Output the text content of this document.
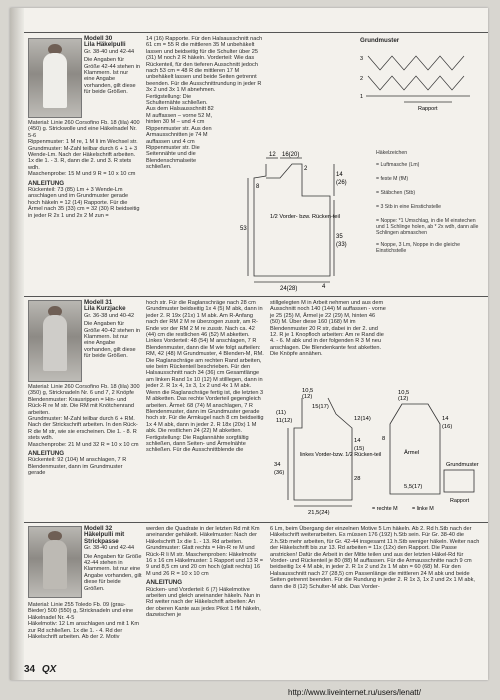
Modell 30
Lila Häkelpulli
Gr. 38-40 und 42-44
Die Angaben für Größe 42-44 stehen in Klammern. Ist nur eine Angabe vorhanden, gilt diese für beide Größen.
Material: Linie 260 Corsofino Fb. 18 (lila) 400 (450) g. Strickwolle und eine Häkelnadel Nr. 5-6
Rippenmuster: 1 M re, 1 M li im Wechsel str.
Grundmuster: M-Zahl teilbar durch 6 + 1 + 3 Wende-Lm. Nach der Häkelschrift arbeiten. 1x die 1. - 3. R, dann die 2. und 3. R stets wdh.
Maschenprobe: 15 M und 9 R = 10 x 10 cm
ANLEITUNG
Rückenteil: 73 (85) Lm + 3 Wende-Lm anschlagen und im Grundmuster gerade hoch häkeln = 12 (14) Rapporte. Für die Ärmel nach 35 (33) cm = 32 (30) R beidseitig in jeder R 2x 1 und 2x 2 M zun =
14 (16) Rapporte. Für den Halsausschnitt nach 61 cm = 55 R die mittleren 35 M unbehäkelt lassen und beidseitig für die Schulter über 25 (31) M noch 2 R häkeln. Vorderteil: Wie das Rückenteil, für den tieferen Ausschnitt jedoch nach 53 cm = 48 R die mittleren 17 M unbehäkelt lassen und beide Seiten getrennt beenden. Für die Ausschnittrundung in jeder R 3x 2 und 3x 1 M abnehmen.
Fertigstellung: Die Schulternähte schließen. Aus dem Halsausschnitt 82 M auffassen – vorne 52 M, hinten 30 M – und 4 cm Rippenmuster str. Aus den Armausschnitten je 74 M auffassen und 4 cm Rippenmuster str. Die Seitennähte und die Blendenschmalseite schließen.
12 16(20)
2
14
(26)
8
1/2 Vorder- bzw. Rücken-teil
53
35
(33)
24(28)	4
Grundmuster
3
2
1
Rapport
Häkelzeichen
= Luftmasche (Lm)
= feste M (fM)
= Stäbchen (Stb)
= 3 Stb in eine Einstichstelle
= Noppe: *1 Umschlag, in die M einstechen und 1 Schlinge holen, ab * 2x wdh, dann alle Schlingen abmaschen
= Noppe, 3 Lm, Noppe in die gleiche Einstichstelle
Modell 31
Lila Kurzjacke
Gr. 36-38 und 40-42
Die Angaben für Größe 40-42 stehen in Klammern. Ist nur eine Angabe vorhanden, gilt diese für beide Größen.
Material: Linie 260 Corsofino Fb. 18 (lila) 300 (350) g, Stricknadeln Nr. 6 und 7, 2 Knöpfe
Blendenmuster: Krausrippen = Hin- und Rück-R re M str. Die RM mit Knötchenrand arbeiten.
Grundmuster: M-Zahl teilbar durch 6 + RM. Nach der Strickschrift arbeiten. In den Rück-R die M str, wie sie erscheinen. Die 1. - 8. R stets wdh.
Maschenprobe: 21 M und 32 R = 10 x 10 cm
ANLEITUNG
Rückenteil: 92 (104) M anschlagen, 7 R Blendenmuster, dann im Grundmuster gerade
hoch str. Für die Raglanschräge nach 28 cm Grundmuster beidseitig 1x 4 (5) M abk, dann in jeder 2. R 19x (21x) 1 M abk. Am R-Anfang nach der RM 2 M re überzogen zusstr, am R-Ende vor der RM 2 M re zusstr. Nach ca. 42 (44) cm die restlichen 46 (52) M abketten. Linkes Vorderteil: 48 (54) M anschlagen, 7 R Blendenmuster, dann die M wie folgt aufteilen: RM, 42 (48) M Grundmuster, 4 Blenden-M, RM. Die Raglanschräge am rechten Rand arbeiten, wie beim Rückenteil beschrieben. Für den Halsausschnitt nach 34 (36) cm Gesamtlänge am linken Rand 1x 10 (12) M stilllegen, dann in jeder 2. R 1x 4, 1x 3, 1x 2 und 4x 1 M abk. Wenn die Raglanschräge fertig ist, die letzten 3 M abketten. Das rechte Vorderteil gegengleich arbeiten. Ärmel: 68 (74) M anschlagen, 7 R Blendenmuster, dann im Grundmuster gerade hoch str. Für die Armkugel nach 8 cm beidseitig 1x 4 M abk, dann in jeder 2. R 18x (20x) 1 M abk. Die restlichen 24 (22) M abketten.
Fertigstellung: Die Raglannähte sorgfältig schließen, dann Seiten- und Ärmelnähte schließen. Für die Ausschnittblende die
stillgelegten M in Arbeit nehmen und aus dem Ausschnitt noch 140 (144) M auffassen - vorne je 25 (25) M, Ärmel je 22 (29) M, hinten 46 (50) M. Über diese 160 (168) M im Blendenmuster 20 R str, dabei in der 2. und 12. R je 1 Knopfloch arbeiten: Am re Rand die 4. - 6. M abk und in der folgenden R 3 M neu anschlagen. Die Blendenkante fest abketten. Die Knöpfe annähen.
10,5
(12)
15(17)
(11)
12(14)
11(12)
14
(15)
linkes Vorder-bzw. 1/2 Rücken-teil
34
(36)
28
21,5(24)
10,5
(12)
14
(16)
8
Ärmel
5,5(17)
Grundmuster
Rapport
= rechte M	= linke M
Modell 32
Häkelpulli mit Strickpasse
Gr. 38-40 und 42-44
Die Angaben für Größe 42-44 stehen in Klammern. Ist nur eine Angabe vorhanden, gilt diese für beide Größen.
Material: Linie 255 Toledo Fb. 09 (grau-Bieder) 500 (550) g, Stricknadeln und eine Häkelnadel Nr. 4-5
Häkelmotiv: 12 Lm anschlagen und mit 1 Km zur Rd schließen. 1x die 1. - 4. Rd der Häkelschrift arbeiten. Ab der 2. Motiv
werden die Quadrate in der letzten Rd mit Km aneinander gehäkelt. Häkelmuster: Nach der Häkelschrift 1x die 1. - 13. Rd arbeiten. Grundmuster: Glatt rechts = Hin-R re M und Rück-R li M str. Maschenproben: Häkelmotiv 16 x 16 cm Häkelmuster: 1 Rapport und 13 R = 9 und 8,5 cm und 20 cm hoch (glatt rechts) 16 M und 26 R = 10 x 10 cm
ANLEITUNG
Rücken- und Vorderteil: 6 (7) Häkelmotive arbeiten und gleich aneinander häkeln. Nun in Rd weiter nach der Häkelschrift arbeiten: An der oberen Kante aus jedes Pikot 1 fM häkeln, dazwischen je
6 Lm, beim Übergang der einzelnen Motive 5 Lm häkeln. Ab 2. Rd h.Stb nach der Häkelschrift weiterarbeiten. Es müssen 176 (192) h.Stb sein. Für Gr. 38-40 die 2.h.Stb mehr arbeiten, für Gr. 42-44 insgesamt 11 h.Stb weniger häkeln. Weiter nach der Häkelschrift bis zur 13. Rd arbeiten = 11x (12x) den Rapport. Die Passe anstricken! Dafür die Arbeit in der Mitte teilen und aus der letzten Häkel-Rd für Vorder- und Rückenteil je 80 (88) M auffassen. Für die Armausschnitte nach 9 cm beidseitig 1x 4 M abk, in jeder 2. R 1x 2 und 2x 1 M abn = 60 (68) M. Für den Halsausschnitt nach 27 (28,5) cm Passenlänge die mittleren 24 M abk und beide Seiten getrennt beenden. Für die Rundung in jeder 2. R 1x 3, 1x 2 und 2x 1 M abk, dann die 8 (12) Schulter-M abk. Das Vorder-
34 QX
http://www.liveinternet.ru/users/lenatt/
